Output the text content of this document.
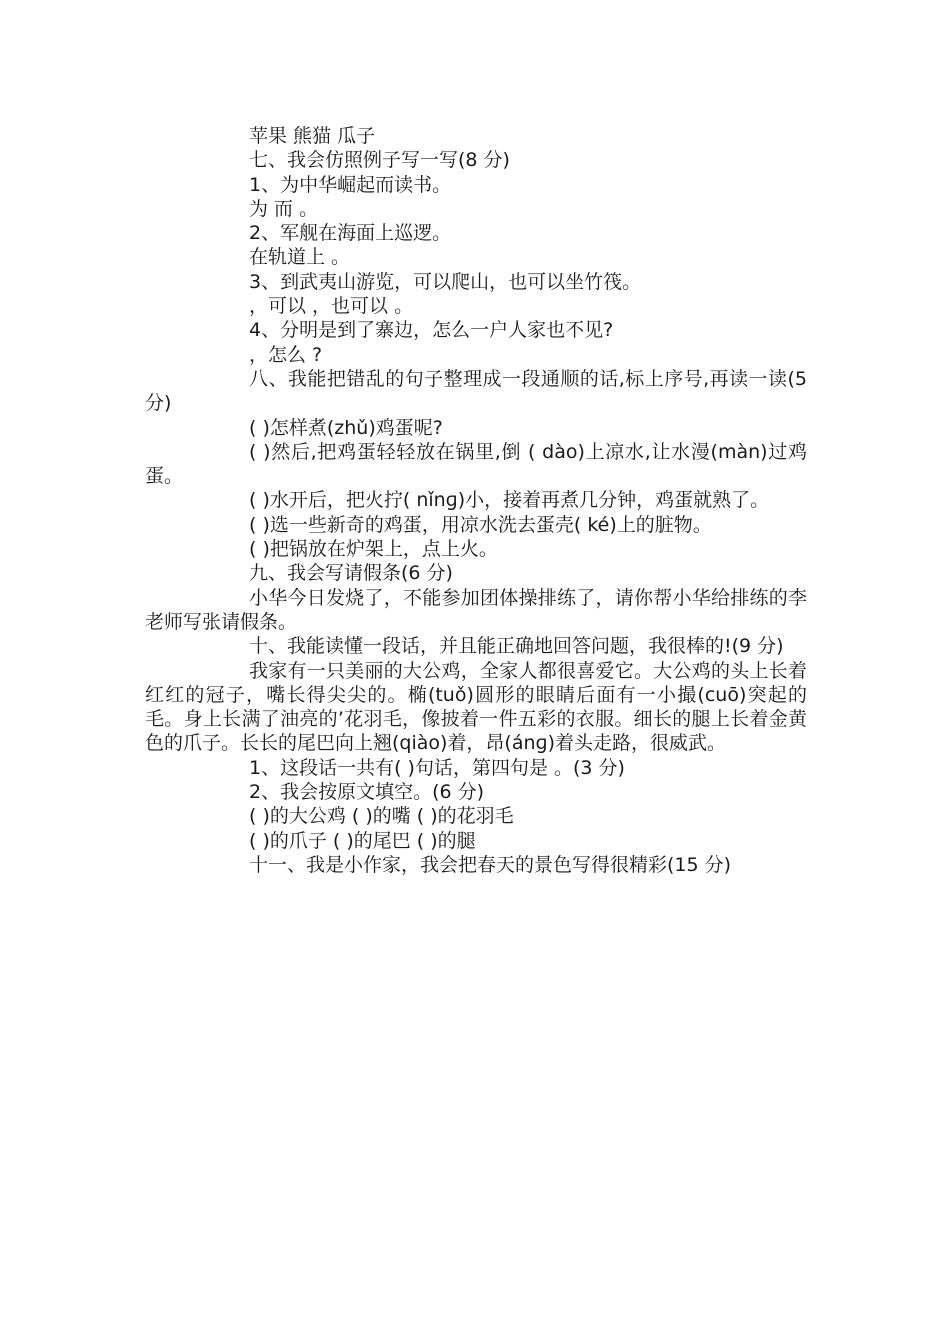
苹果 熊猫 瓜子

七、我会仿照例子写一写(8 分)

1、为中华崛起而读书。

为 而 。

2、军舰在海面上巡逻。

在轨道上 。

3、到武夷山游览，可以爬山，也可以坐竹筏。

，可以 ，也可以 。

4、分明是到了寨边，怎么一户人家也不见?

，怎么 ?

八、我能把错乱的句子整理成一段通顺的话,标上序号,再读一读(5 分)

( )怎样煮(zhǔ)鸡蛋呢?

( )然后,把鸡蛋轻轻放在锅里,倒 ( dào)上凉水,让水漫(màn)过鸡蛋。

( )水开后，把火拧( nǐnɡ)小，接着再煮几分钟，鸡蛋就熟了。

( )选一些新奇的鸡蛋，用凉水洗去蛋壳( ké)上的脏物。

( )把锅放在炉架上，点上火。

九、我会写请假条(6 分)

小华今日发烧了，不能参加团体操排练了，请你帮小华给排练的李老师写张请假条。

十、我能读懂一段话，并且能正确地回答问题，我很棒的!(9 分)

我家有一只美丽的大公鸡，全家人都很喜爱它。大公鸡的头上长着红红的冠子，嘴长得尖尖的。椭(tuǒ)圆形的眼睛后面有一小撮(cuō)突起的毛。身上长满了油亮的’花羽毛，像披着一件五彩的衣服。细长的腿上长着金黄色的爪子。长长的尾巴向上翘(qiào)着，昂(ánɡ)着头走路，很威武。

1、这段话一共有( )句话，第四句是 。(3 分)

2、我会按原文填空。(6 分)

( )的大公鸡 ( )的嘴 ( )的花羽毛

( )的爪子 ( )的尾巴 ( )的腿

十一、我是小作家，我会把春天的景色写得很精彩(15 分)
